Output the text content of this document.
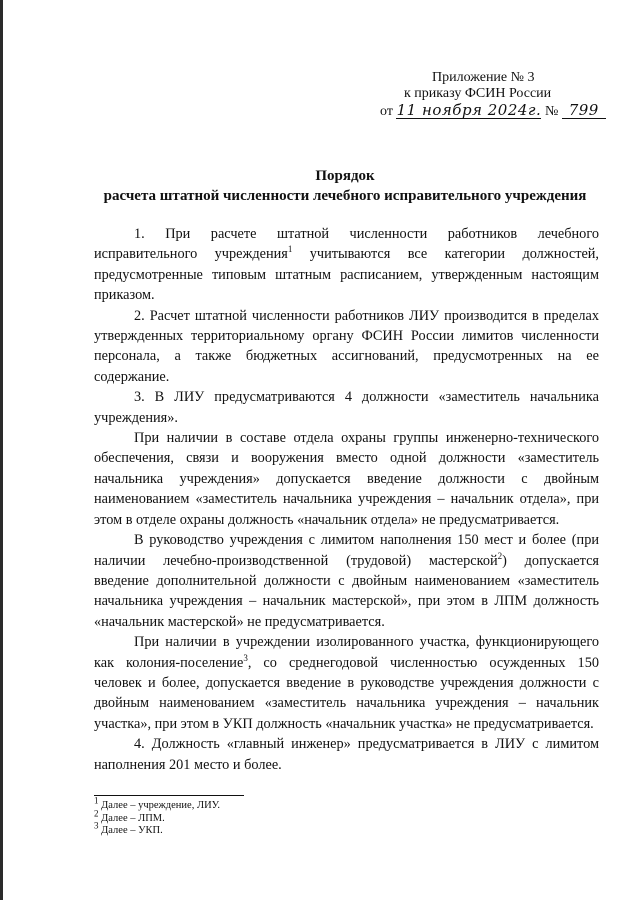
Приложение № 3
к приказу ФСИН России
от 11 ноября 2024г. № 799
Порядок
расчета штатной численности лечебного исправительного учреждения

1. При расчете штатной численности работников лечебного исправительного учреждения$^1$ учитываются все категории должностей, предусмотренные типовым штатным расписанием, утвержденным настоящим приказом.

2. Расчет штатной численности работников ЛИУ производится в пределах утвержденных территориальному органу ФСИН России лимитов численности персонала, а также бюджетных ассигнований, предусмотренных на ее содержание.

3. В ЛИУ предусматриваются 4 должности «заместитель начальника учреждения».

При наличии в составе отдела охраны группы инженерно-технического обеспечения, связи и вооружения вместо одной должности «заместитель начальника учреждения» допускается введение должности с двойным наименованием «заместитель начальника учреждения – начальник отдела», при этом в отделе охраны должность «начальник отдела» не предусматривается.

В руководство учреждения с лимитом наполнения 150 мест и более (при наличии лечебно-производственной (трудовой) мастерской$^2$) допускается введение дополнительной должности с двойным наименованием «заместитель начальника учреждения – начальник мастерской», при этом в ЛПМ должность «начальник мастерской» не предусматривается.

При наличии в учреждении изолированного участка, функционирующего как колония-поселение$^3$, со среднегодовой численностью осужденных 150 человек и более, допускается введение в руководстве учреждения должности с двойным наименованием «заместитель начальника учреждения – начальник участка», при этом в УКП должность «начальник участка» не предусматривается.

4. Должность «главный инженер» предусматривается в ЛИУ с лимитом наполнения 201 место и более.

$^1$ Далее – учреждение, ЛИУ.
$^2$ Далее – ЛПМ.
$^3$ Далее – УКП.
